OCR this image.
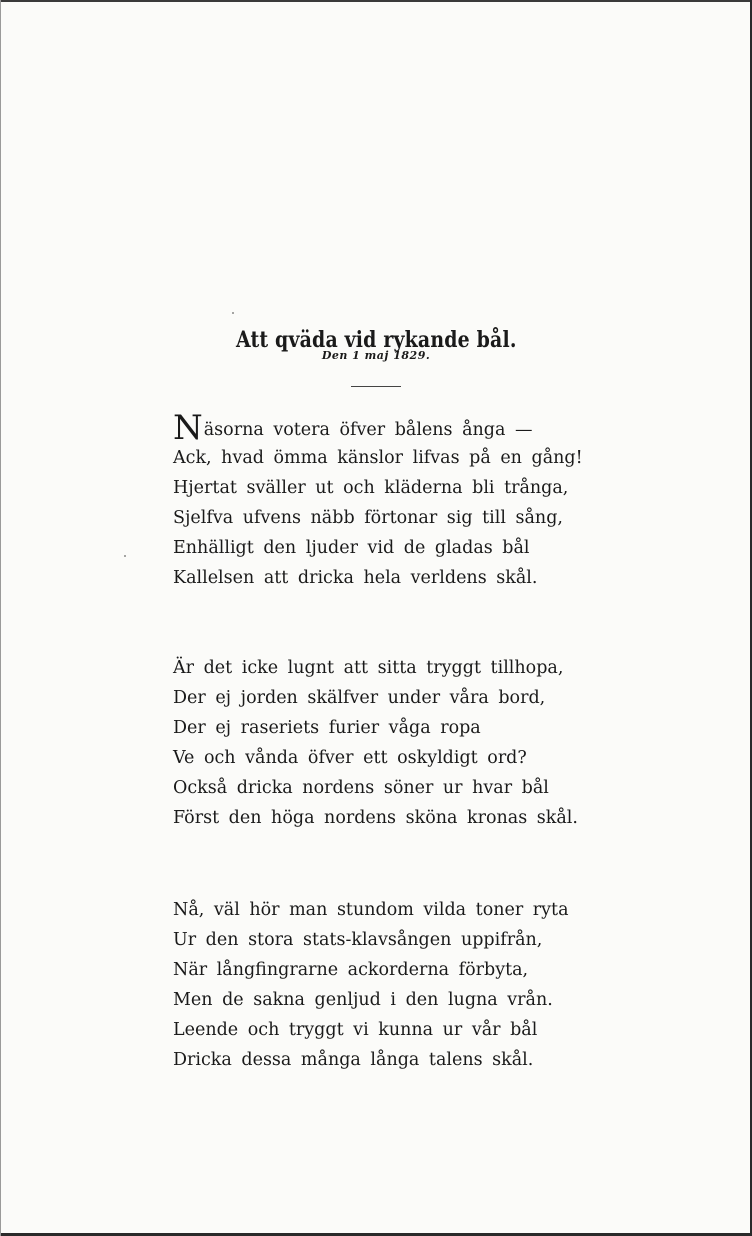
Att qväda vid rykande bål.
Den 1 maj 1829.
Näsorna votera öfver bålens ånga —
Ack, hvad ömma känslor lifvas på en gång!
Hjertat sväller ut och kläderna bli trånga,
Sjelfva ufvens näbb förtonar sig till sång,
Enhälligt den ljuder vid de gladas bål
Kallelsen att dricka hela verldens skål.
Är det icke lugnt att sitta tryggt tillhopa,
Der ej jorden skälfver under våra bord,
Der ej raseriets furier våga ropa
Ve och vånda öfver ett oskyldigt ord?
Också dricka nordens söner ur hvar bål
Först den höga nordens sköna kronas skål.
Nå, väl hör man stundom vilda toner ryta
Ur den stora stats-klavsången uppifrån,
När långfingrarne ackorderna förbyta,
Men de sakna genljud i den lugna vrån.
Leende och tryggt vi kunna ur vår bål
Dricka dessa många långa talens skål.
